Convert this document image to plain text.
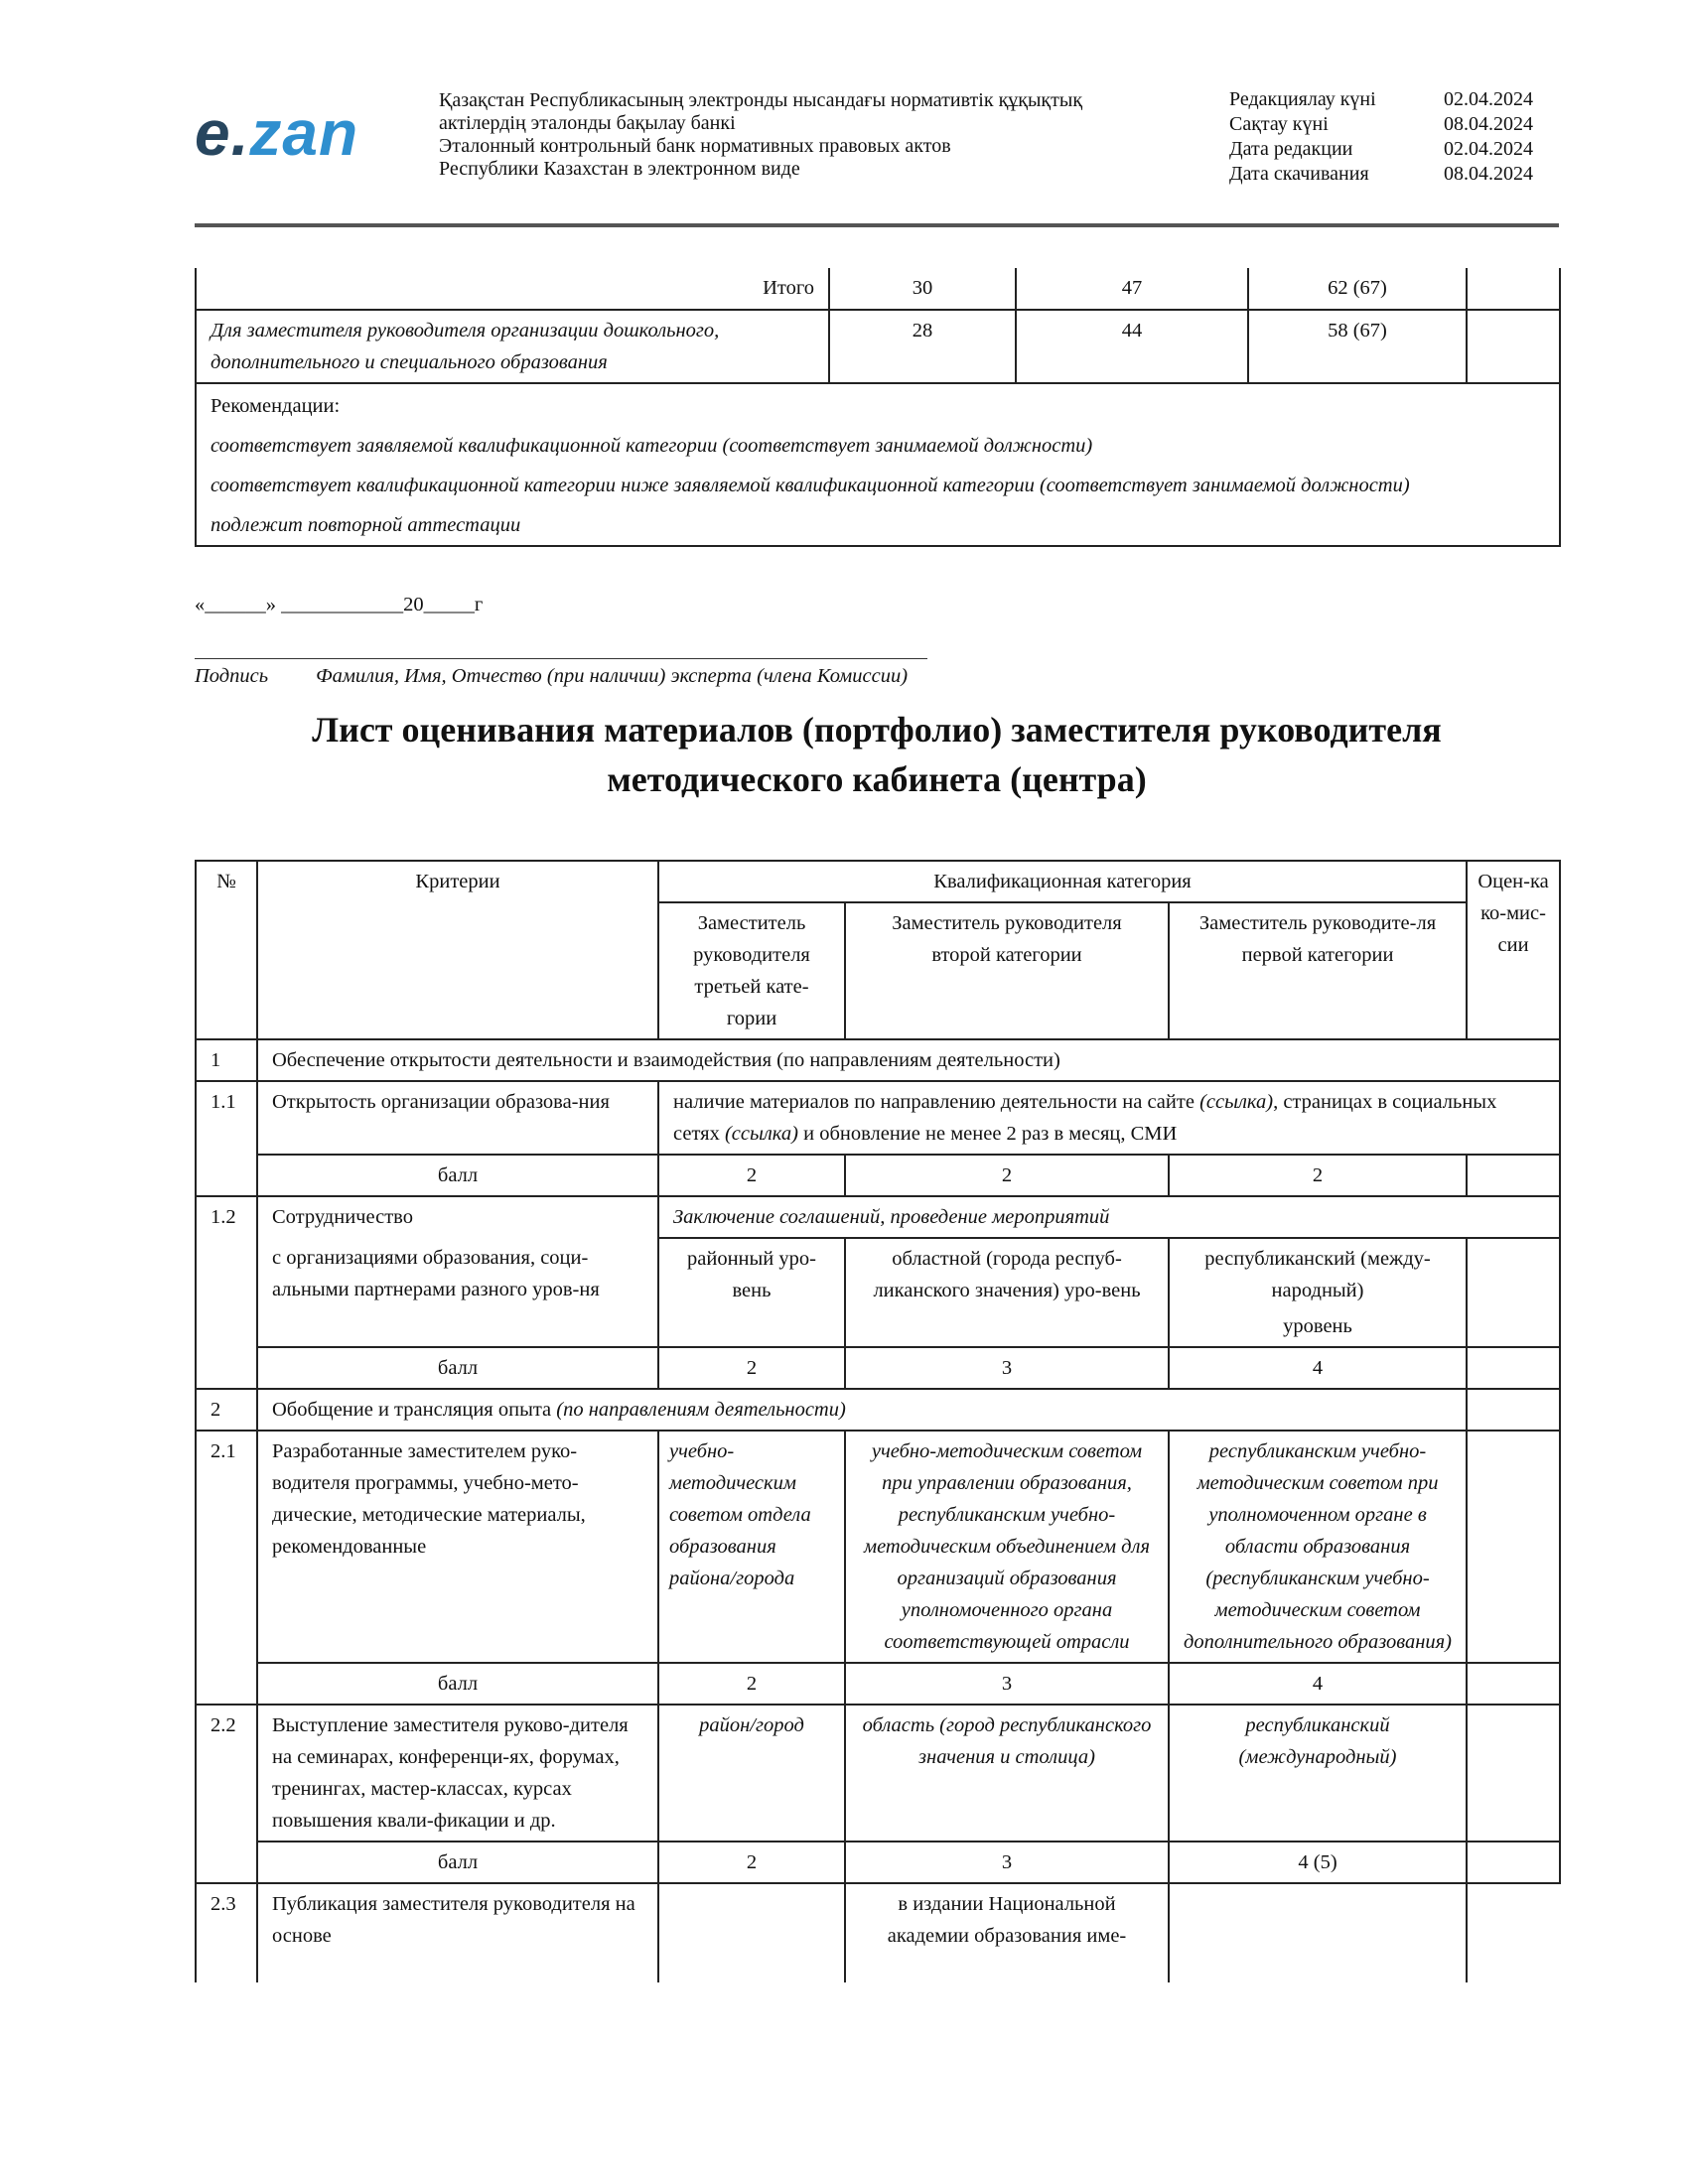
e.zan	Қазақстан Республикасының электронды нысандағы нормативтік құқықтық
актілердің эталонды бақылау банкі
Эталонный контрольный банк нормативных правовых актов
Республики Казахстан в электронном виде
Редакциялау күні	02.04.2024
Сақтау күні	08.04.2024
Дата редакции	02.04.2024
Дата скачивания	08.04.2024
Итого	30	47	62 (67)	
Для заместителя руководителя организации дошкольного, дополнительного и специального образования	28	44	58 (67)	

Рекомендации:

соответствует заявляемой квалификационной категории (соответствует занимаемой должности)

соответствует квалификационной категории ниже заявляемой квалификационной категории (соответствует занимаемой должности)

подлежит повторной аттестации				

«______» ____________20_____г
Подпись Фамилия, Имя, Отчество (при наличии) эксперта (члена Комиссии)
Лист оценивания материалов (портфолио) заместителя руководителя методического кабинета (центра)
№	Критерии	Квалификационная категория			Оцен-ка ко-мис-сии
		Заместитель руководителя третьей кате-гории	Заместитель руководителя второй категории	Заместитель руководите-ля первой категории	
1	Обеспечение открытости деятельности и взаимодействия (по направлениям деятельности)				
1.1	Открытость организации образова-ния	наличие материалов по направлению деятельности на сайте (ссылка), страницах в социальных сетях (ссылка) и обновление не менее 2 раз в месяц, СМИ			
	балл	2	2	2	
1.2	Сотрудничество	Заключение соглашений, проведение мероприятий			
	с организациями образования, соци-альными партнерами разного уров-ня	районный уро-вень	областной (города респуб-ликанского значения) уро-вень	республиканский (между-народный)
уровень	

	балл	2	3	4	
2	Обобщение и трансляция опыта (по направлениям деятельности)				
2.1	Разработанные заместителем руко-водителя программы, учебно-мето-дические, методические материалы, рекомендованные	учебно-методическим советом отдела образования района/города	учебно-методическим советом при управлении образования, республиканским учебно-методическим объединением для организаций образования уполномоченного органа соответствующей отрасли	республиканским учебно-методическим советом при уполномоченном органе в области образования (республиканским учебно-методическим советом дополнительного образования)	
	балл	2	3	4	
2.2	Выступление заместителя руково-дителя на семинарах, конференци-ях, форумах, тренингах, мастер-классах, курсах повышения квали-фикации и др.	район/город	область (город республиканского значения и столица)	республиканский (международный)	
	балл	2	3	4 (5)	
2.3	Публикация заместителя руководителя на основе		в издании Национальной академии образования име-		
